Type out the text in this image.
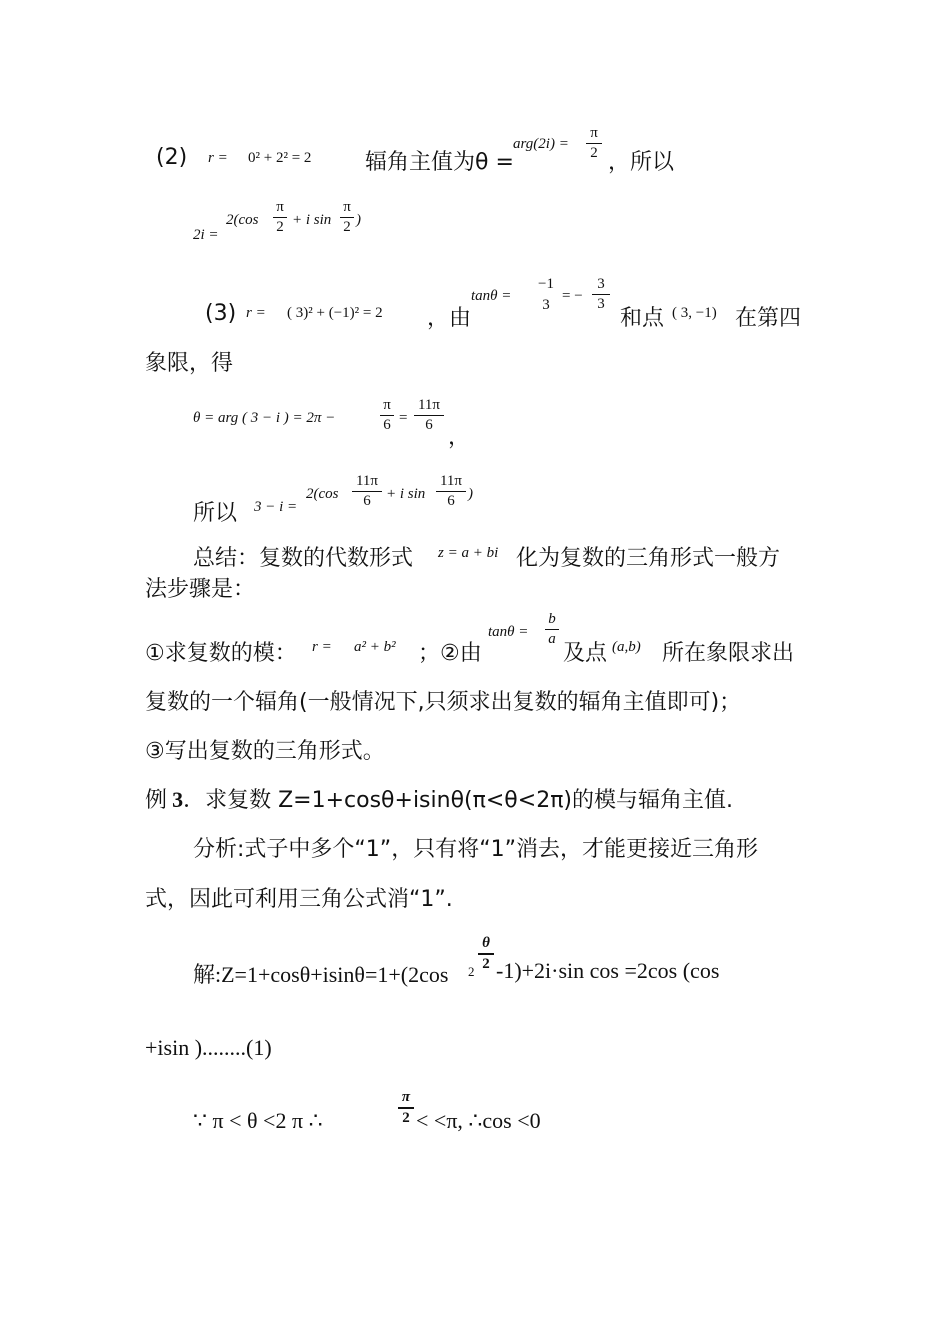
(2) r = 0² + 2² = 2 辐角主值为θ =
arg(2i) =
π
2 ，所以
2i =
2(cos
π
2 + i sin
π
2 )
(3) r = ( 3)² + (−1)² = 2 ，由
tanθ =
−1
3
= −
3
3
和点 ( 3, −1) 在第四
象限，得
θ = arg ( 3 − i ) = 2π −
π
6 =
11π
6 ，
所以 3 − i =
2(cos
11π
6	+ i sin
11π
6 )
总结：复数的代数形式 z = a + bi 化为复数的三角形式一般方
法步骤是：
①求复数的模： r = a² + b² ；②由
tanθ =
b
a
及点 (a,b) 所在象限求出
复数的一个辐角(一般情况下,只须求出复数的辐角主值即可)；
③写出复数的三角形式。
例 3．求复数 Z=1+cosθ+isinθ(π<θ<2π)的模与辐角主值.
分析:式子中多个“1”，只有将“1”消去，才能更接近三角形
式，因此可利用三角公式消“1”.
解:Z=1+cosθ+isinθ=1+(2cos 2
θ
2 -1)+2i·sin cos =2cos (cos
+isin )........(1)
∵ π < θ <2 π ∴
π
2 < <π, ∴cos <0
